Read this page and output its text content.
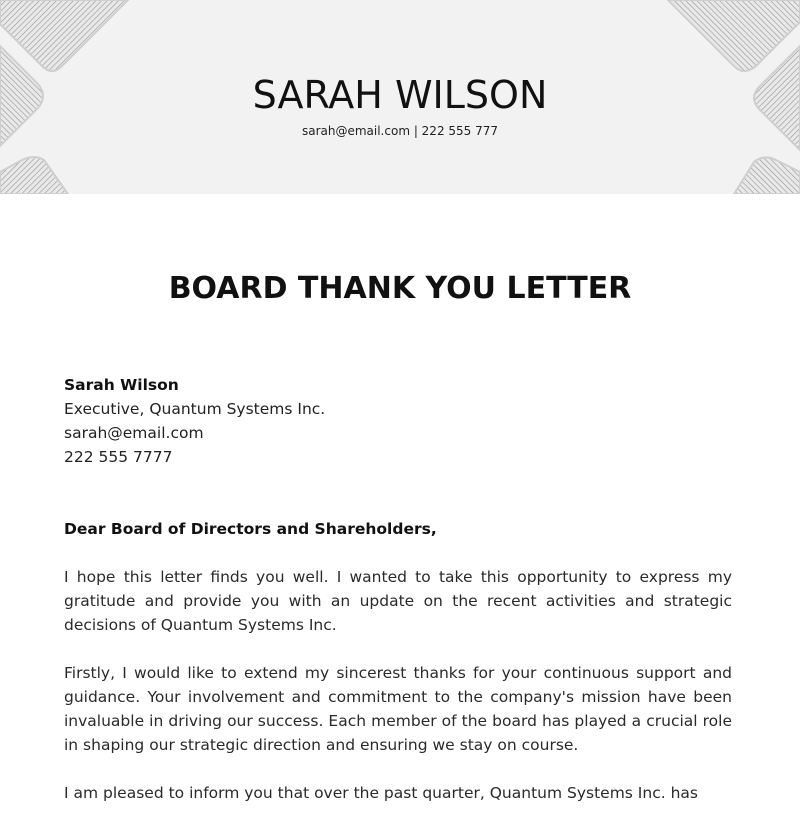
SARAH WILSON
sarah@email.com | 222 555 777
BOARD THANK YOU LETTER
Sarah Wilson
Executive, Quantum Systems Inc.
sarah@email.com
222 555 7777

Dear Board of Directors and Shareholders,

I hope this letter finds you well. I wanted to take this opportunity to express my gratitude and provide you with an update on the recent activities and strategic decisions of Quantum Systems Inc.

Firstly, I would like to extend my sincerest thanks for your continuous support and guidance. Your involvement and commitment to the company's mission have been invaluable in driving our success. Each member of the board has played a crucial role in shaping our strategic direction and ensuring we stay on course.

I am pleased to inform you that over the past quarter, Quantum Systems Inc. has
